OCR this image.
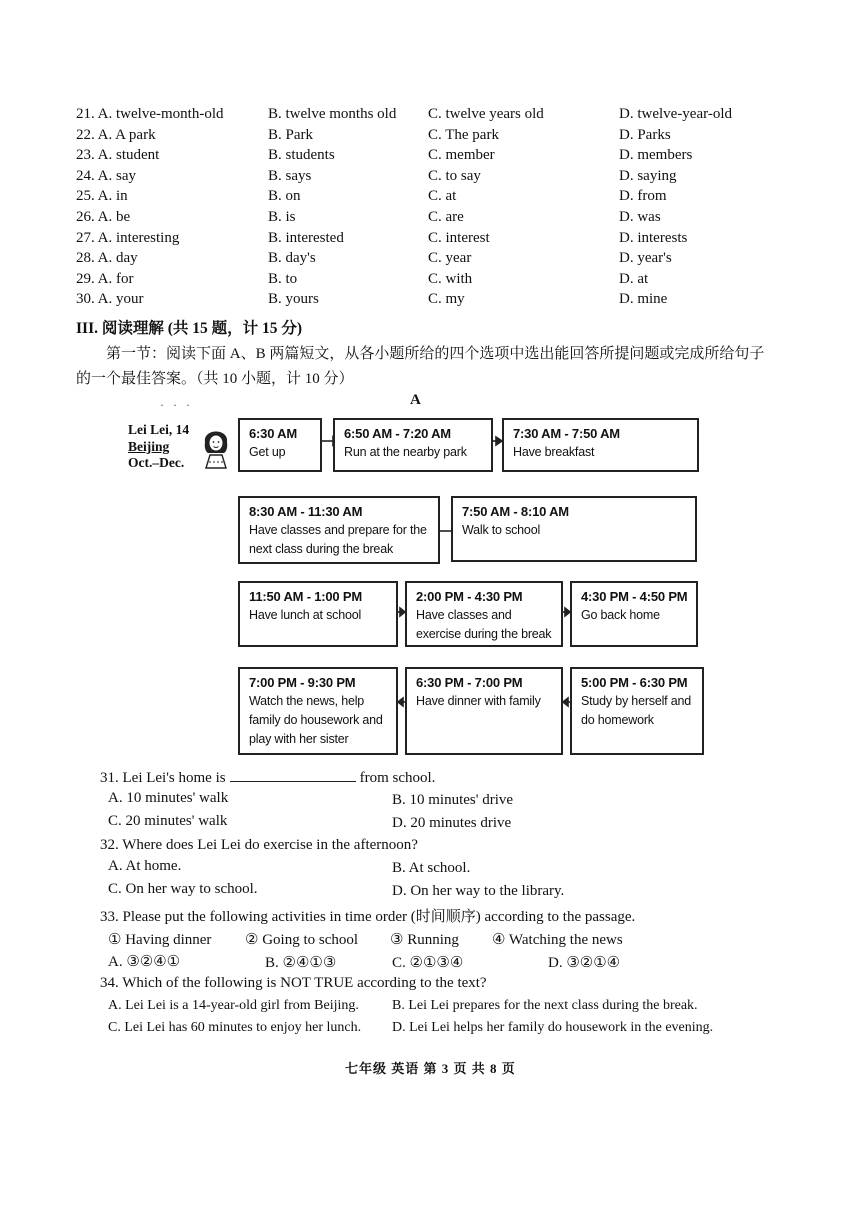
21. A. twelve-month-old	B. twelve months old C. twelve years old	D. twelve-year-old
22. A. A park	B. Park	C. The park	D. Parks
23. A. student	B. students	C. member	D. members
24. A. say	B. says	C. to say	D. saying
25. A. in	B. on	C. at	D. from
26. A. be	B. is	C. are	D. was
27. A. interesting	B. interested	C. interest	D. interests
28. A. day	B. day's	C. year	D. year's
29. A. for	B. to	C. with	D. at
30. A. your	B. yours	C. my	D. mine
III. 阅读理解 (共 15 题，计 15 分)
第一节：阅读下面 A、B 两篇短文，从各小题所给的四个选项中选出能回答所提问题或完成所给句子的一个最佳答案。（共 10 小题，计 10 分）
A
· · ·
Lei Lei, 14
Beijing
Oct.–Dec.
6:30 AM
Get up
6:50 AM - 7:20 AM
Run at the nearby park
7:30 AM - 7:50 AM
Have breakfast
8:30 AM - 11:30 AM
Have classes and prepare for the next class during the break
7:50 AM - 8:10 AM
Walk to school
11:50 AM - 1:00 PM
Have lunch at school
2:00 PM - 4:30 PM
Have classes and exercise during the break
4:30 PM - 4:50 PM
Go back home
7:00 PM - 9:30 PM
Watch the news, help family do housework and play with her sister
6:30 PM - 7:00 PM
Have dinner with family
5:00 PM - 6:30 PM
Study by herself and do homework
31. Lei Lei's home is	from school.
A. 10 minutes' walk	B. 10 minutes' drive
C. 20 minutes' walk	D. 20 minutes drive
32. Where does Lei Lei do exercise in the afternoon?
A. At home.	B. At school.
C. On her way to school.	D. On her way to the library.
33. Please put the following activities in time order (时间顺序) according to the passage.
① Having dinner ② Going to school ③ Running ④ Watching the news
A. ③②④①	B. ②④①③	C. ②①③④	D. ③②①④
34. Which of the following is NOT TRUE according to the text?
A. Lei Lei is a 14-year-old girl from Beijing. B. Lei Lei prepares for the next class during the break.
C. Lei Lei has 60 minutes to enjoy her lunch. D. Lei Lei helps her family do housework in the evening.
七年级 英语 第 3 页 共 8 页
